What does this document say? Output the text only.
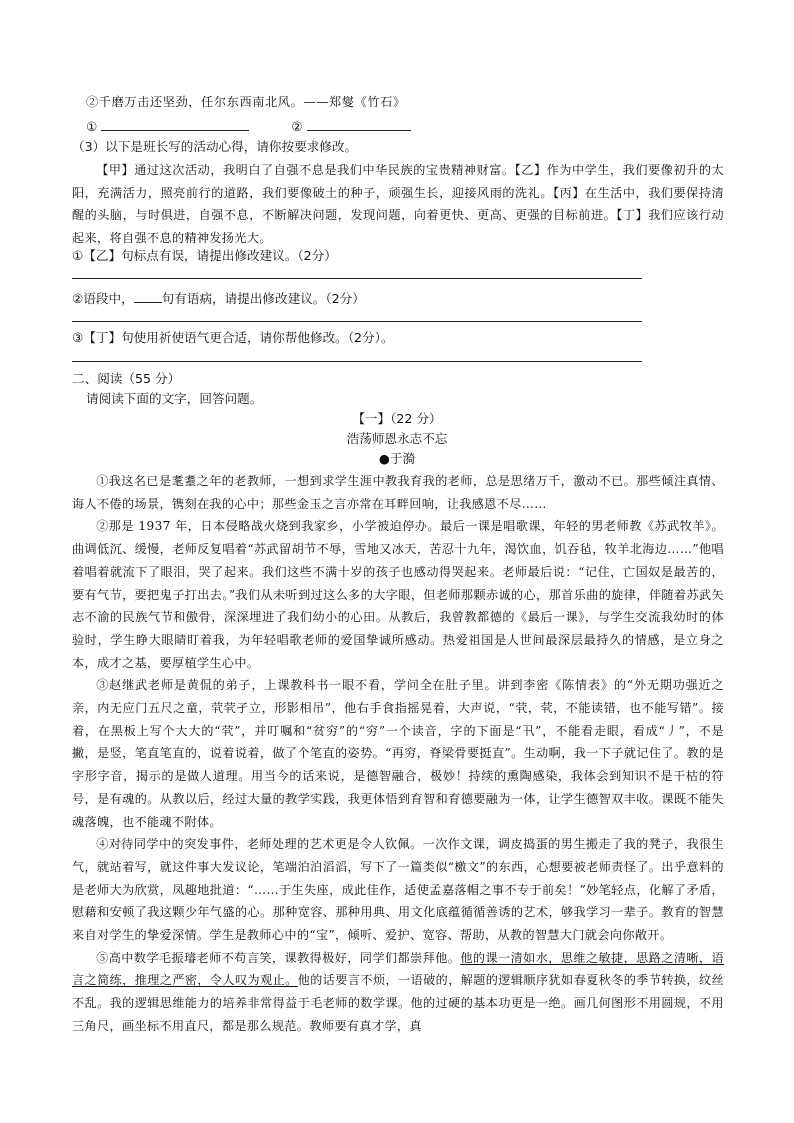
②千磨万击还坚劲，任尔东西南北风。——郑燮《竹石》
①	②
（3）以下是班长写的活动心得，请你按要求修改。

【甲】通过这次活动，我明白了自强不息是我们中华民族的宝贵精神财富。【乙】作为中学生，我们要像初升的太阳，充满活力，照亮前行的道路，我们要像破土的种子，顽强生长，迎接风雨的洗礼。【丙】在生活中，我们要保持清醒的头脑，与时俱进，自强不息，不断解决问题，发现问题，向着更快、更高、更强的目标前进。【丁】我们应该行动起来，将自强不息的精神发扬光大。

①【乙】句标点有误，请提出修改建议。（2分）
②语段中， 句有语病，请提出修改建议。（2分）
③【丁】句使用祈使语气更合适，请你帮他修改。（2分）。
二、阅读（55 分）
请阅读下面的文字，回答问题。
【一】（22 分）
浩荡师恩永志不忘
●于漪

①我这名已是耄耋之年的老教师，一想到求学生涯中教我育我的老师，总是思绪万千，激动不已。那些倾注真情、诲人不倦的场景，镌刻在我的心中；那些金玉之言亦常在耳畔回响，让我感恩不尽……

②那是 1937 年，日本侵略战火烧到我家乡，小学被迫停办。最后一课是唱歌课，年轻的男老师教《苏武牧羊》。曲调低沉、缓慢，老师反复唱着“苏武留胡节不辱，雪地又冰天，苦忍十九年，渴饮血，饥吞毡，牧羊北海边……”他唱着唱着就流下了眼泪，哭了起来。我们这些不满十岁的孩子也感动得哭起来。老师最后说：“记住，亡国奴是最苦的，要有气节，要把鬼子打出去。”我们从未听到过这么多的大字眼，但老师那颗赤诚的心，那首乐曲的旋律，伴随着苏武矢志不渝的民族气节和傲骨，深深埋进了我们幼小的心田。从教后，我曾教都德的《最后一课》，与学生交流我幼时的体验时，学生睁大眼睛盯着我，为年轻唱歌老师的爱国挚诚所感动。热爱祖国是人世间最深层最持久的情感，是立身之本，成才之基，要厚植学生心中。

③赵继武老师是黄侃的弟子，上课教科书一眼不看，学问全在肚子里。讲到李密《陈情表》的“外无期功强近之亲，内无应门五尺之童，茕茕孑立，形影相吊”，他右手食指摇晃着，大声说，“茕，茕，不能读错，也不能写错”。接着，在黑板上写个大大的“茕”，并叮嘱和“贫穷”的“穷”一个读音，字的下面是“卂”，不能看走眼，看成“丿”，不是撇，是竖，笔直笔直的，说着说着，做了个笔直的姿势。“再穷，脊梁骨要挺直”。生动啊，我一下子就记住了。教的是字形字音，揭示的是做人道理。用当今的话来说，是德智融合，极妙！持续的熏陶感染，我体会到知识不是干枯的符号，是有魂的。从教以后，经过大量的教学实践，我更体悟到育智和育德要融为一体，让学生德智双丰收。课既不能失魂落魄，也不能魂不附体。

④对待同学中的突发事件，老师处理的艺术更是令人钦佩。一次作文课，调皮捣蛋的男生搬走了我的凳子，我很生气，就站着写，就这件事大发议论，笔端泊泊滔滔，写下了一篇类似“檄文”的东西，心想要被老师责怪了。出乎意料的是老师大为欣赏，凤趣地批道：“……于生失座，成此佳作，适使孟嘉落帽之事不专于前矣！”妙笔轻点，化解了矛盾，慰藉和安顿了我这颗少年气盛的心。那种宽容、那种用典、用文化底蕴循循善诱的艺术，够我学习一辈子。教育的智慧来自对学生的挚爱深情。学生是教师心中的“宝”，倾听、爱护、宽容、帮助，从教的智慧大门就会向你敞开。

⑤高中数学毛振璿老师不苟言笑，课教得极好，同学们都崇拜他。他的课一清如水，思维之敏捷，思路之清晰，语言之简练，推理之严密，令人叹为观止。他的话要言不烦，一语破的，解题的逻辑顺序犹如春夏秋冬的季节转换，纹丝不乱。我的逻辑思维能力的培养非常得益于毛老师的数学课。他的过硬的基本功更是一绝。画几何图形不用圆规，不用三角尺，画坐标不用直尺，都是那么规范。教师要有真才学，真
